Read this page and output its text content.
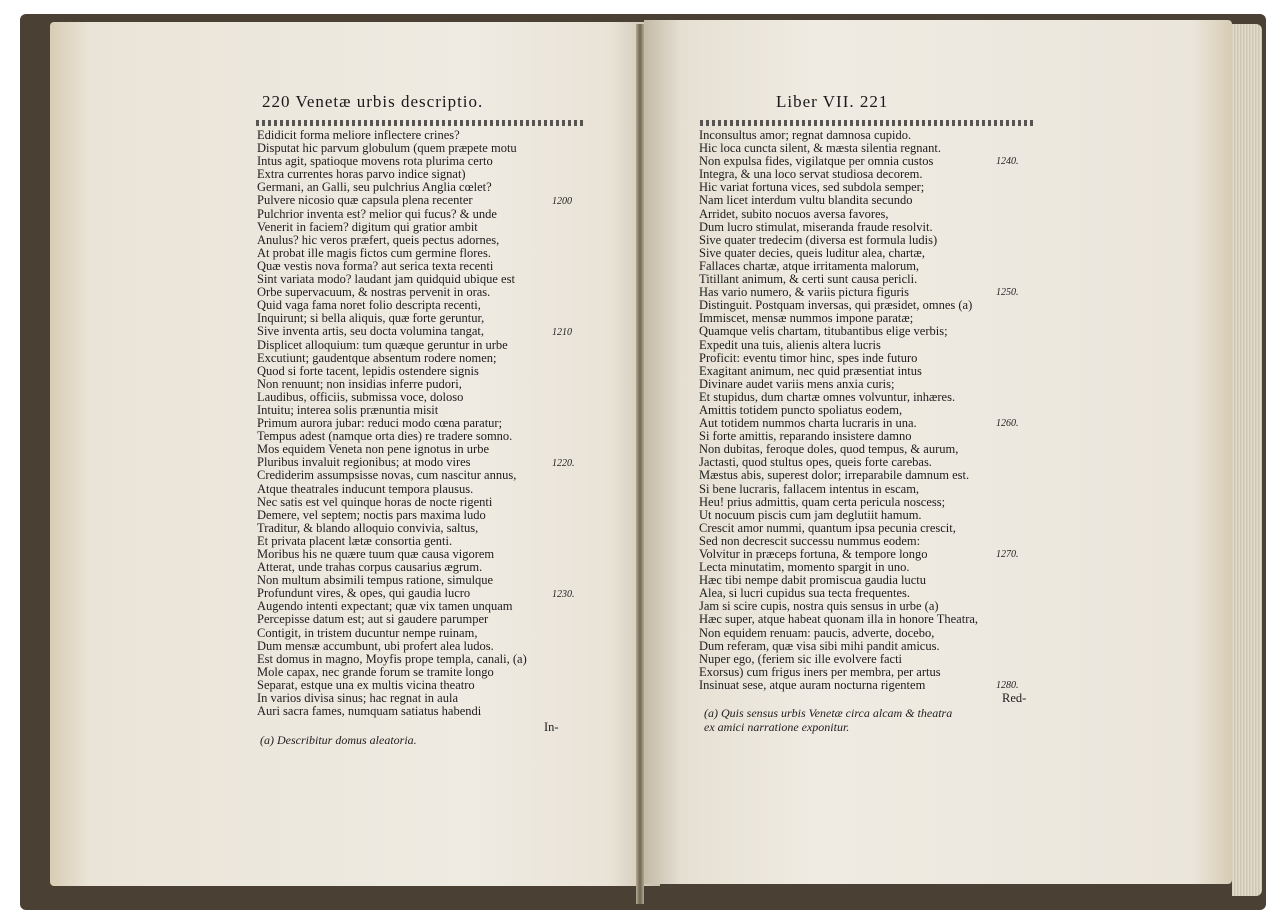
220 Venetæ urbis descriptio.
Edidicit forma meliore inflectere crines?
Disputat hic parvum globulum (quem præpete motu
Intus agit, spatioque movens rota plurima certo
Extra currentes horas parvo indice signat)
Germani, an Galli, seu pulchrius Anglia cœlet?
Pulvere nicosio quæ capsula plena recenter
Pulchrior inventa est? melior qui fucus? & unde
Venerit in faciem? digitum qui gratior ambit
Anulus? hic veros præfert, queis pectus adornes,
At probat ille magis fictos cum germine flores.
Quæ vestis nova forma? aut serica texta recenti
Sint variata modo? laudant jam quidquid ubique est
Orbe supervacuum, & nostras pervenit in oras.
Quid vaga fama noret folio descripta recenti,
Inquirunt; si bella aliquis, quæ forte geruntur,
Sive inventa artis, seu docta volumina tangat,
Displicet alloquium: tum quæque geruntur in urbe
Excutiunt; gaudentque absentum rodere nomen;
Quod si forte tacent, lepidis ostendere signis
Non renuunt; non insidias inferre pudori,
Laudibus, officiis, submissa voce, doloso
Intuitu; interea solis prænuntia misit
Primum aurora jubar: reduci modo cœna paratur;
Tempus adest (namque orta dies) re tradere somno.
Mos equidem Veneta non pene ignotus in urbe
Pluribus invaluit regionibus; at modo vires
Crediderim assumpsisse novas, cum nascitur annus,
Atque theatrales inducunt tempora plausus.
Nec satis est vel quinque horas de nocte rigenti
Demere, vel septem; noctis pars maxima ludo
Traditur, & blando alloquio convivia, saltus,
Et privata placent lætæ consortia genti.
Moribus his ne quære tuum quæ causa vigorem
Atterat, unde trahas corpus causarius ægrum.
Non multum absimili tempus ratione, simulque
Profundunt vires, & opes, qui gaudia lucro
Augendo intenti expectant; quæ vix tamen unquam
Percepisse datum est; aut si gaudere parumper
Contigit, in tristem ducuntur nempe ruinam,
Dum mensæ accumbunt, ubi profert alea ludos.
Est domus in magno, Moyfis prope templa, canali, (a)
Mole capax, nec grande forum se tramite longo
Separat, estque una ex multis vicina theatro
In varios divisa sinus; hac regnat in aula
Auri sacra fames, numquam satiatus habendi
1200
1210
1220.
1230.
In-
(a) Describitur domus aleatoria.
Liber VII. 221
Inconsultus amor; regnat damnosa cupido.
Hic loca cuncta silent, & mæsta silentia regnant.
Non expulsa fides, vigilatque per omnia custos
Integra, & una loco servat studiosa decorem.
Hic variat fortuna vices, sed subdola semper;
Nam licet interdum vultu blandita secundo
Arridet, subito nocuos aversa favores,
Dum lucro stimulat, miseranda fraude resolvit.
Sive quater tredecim (diversa est formula ludis)
Sive quater decies, queis luditur alea, chartæ,
Fallaces chartæ, atque irritamenta malorum,
Titillant animum, & certi sunt causa pericli.
Has vario numero, & variis pictura figuris
Distinguit. Postquam inversas, qui præsidet, omnes (a)
Immiscet, mensæ nummos impone paratæ;
Quamque velis chartam, titubantibus elige verbis;
Expedit una tuis, alienis altera lucris
Proficit: eventu timor hinc, spes inde futuro
Exagitant animum, nec quid præsentiat intus
Divinare audet variis mens anxia curis;
Et stupidus, dum chartæ omnes volvuntur, inhæres.
Amittis totidem puncto spoliatus eodem,
Aut totidem nummos charta lucraris in una.
Si forte amittis, reparando insistere damno
Non dubitas, feroque doles, quod tempus, & aurum,
Jactasti, quod stultus opes, queis forte carebas.
Mæstus abis, superest dolor; irreparabile damnum est.
Si bene lucraris, fallacem intentus in escam,
Heu! prius admittis, quam certa pericula noscess;
Ut nocuum piscis cum jam deglutiit hamum.
Crescit amor nummi, quantum ipsa pecunia crescit,
Sed non decrescit successu nummus eodem:
Volvitur in præceps fortuna, & tempore longo
Lecta minutatim, momento spargit in uno.
Hæc tibi nempe dabit promiscua gaudia luctu
Alea, si lucri cupidus sua tecta frequentes.
Jam si scire cupis, nostra quis sensus in urbe (a)
Hæc super, atque habeat quonam illa in honore Theatra,
Non equidem renuam: paucis, adverte, docebo,
Dum referam, quæ visa sibi mihi pandit amicus.
Nuper ego, (feriem sic ille evolvere facti
Exorsus) cum frigus iners per membra, per artus
Insinuat sese, atque auram nocturna rigentem
1240.
1250.
1260.
1270.
1280.
Red-
(a) Quis sensus urbis Venetæ circa alcam & theatra
ex amici narratione exponitur.
